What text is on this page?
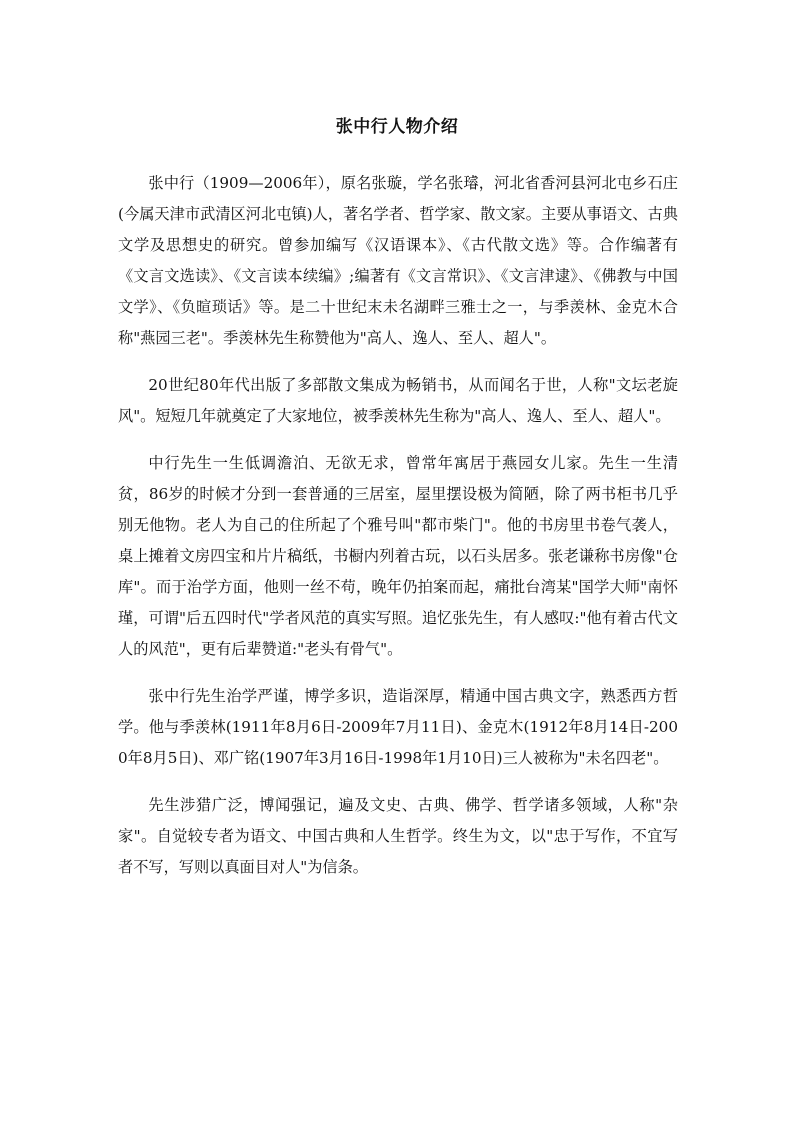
张中行人物介绍

张中行（1909—2006年），原名张璇，学名张璿，河北省香河县河北屯乡石庄(今属天津市武清区河北屯镇)人，著名学者、哲学家、散文家。主要从事语文、古典文学及思想史的研究。曾参加编写《汉语课本》、《古代散文选》等。合作编著有《文言文选读》、《文言读本续编》;编著有《文言常识》、《文言津逮》、《佛教与中国文学》、《负暄琐话》等。是二十世纪末未名湖畔三雅士之一，与季羡林、金克木合称"燕园三老"。季羡林先生称赞他为"高人、逸人、至人、超人"。

20世纪80年代出版了多部散文集成为畅销书，从而闻名于世，人称"文坛老旋风"。短短几年就奠定了大家地位，被季羡林先生称为"高人、逸人、至人、超人"。

中行先生一生低调澹泊、无欲无求，曾常年寓居于燕园女儿家。先生一生清贫，86岁的时候才分到一套普通的三居室，屋里摆设极为简陋，除了两书柜书几乎别无他物。老人为自己的住所起了个雅号叫"都市柴门"。他的书房里书卷气袭人，桌上摊着文房四宝和片片稿纸，书橱内列着古玩，以石头居多。张老谦称书房像"仓库"。而于治学方面，他则一丝不苟，晚年仍拍案而起，痛批台湾某"国学大师"南怀瑾，可谓"后五四时代"学者风范的真实写照。追忆张先生，有人感叹:"他有着古代文人的风范"，更有后辈赞道:"老头有骨气"。

张中行先生治学严谨，博学多识，造诣深厚，精通中国古典文字，熟悉西方哲学。他与季羡林(1911年8月6日-2009年7月11日)、金克木(1912年8月14日-2000年8月5日)、邓广铭(1907年3月16日-1998年1月10日)三人被称为"未名四老"。

先生涉猎广泛，博闻强记，遍及文史、古典、佛学、哲学诸多领域，人称"杂家"。自觉较专者为语文、中国古典和人生哲学。终生为文，以"忠于写作，不宜写者不写，写则以真面目对人"为信条。
